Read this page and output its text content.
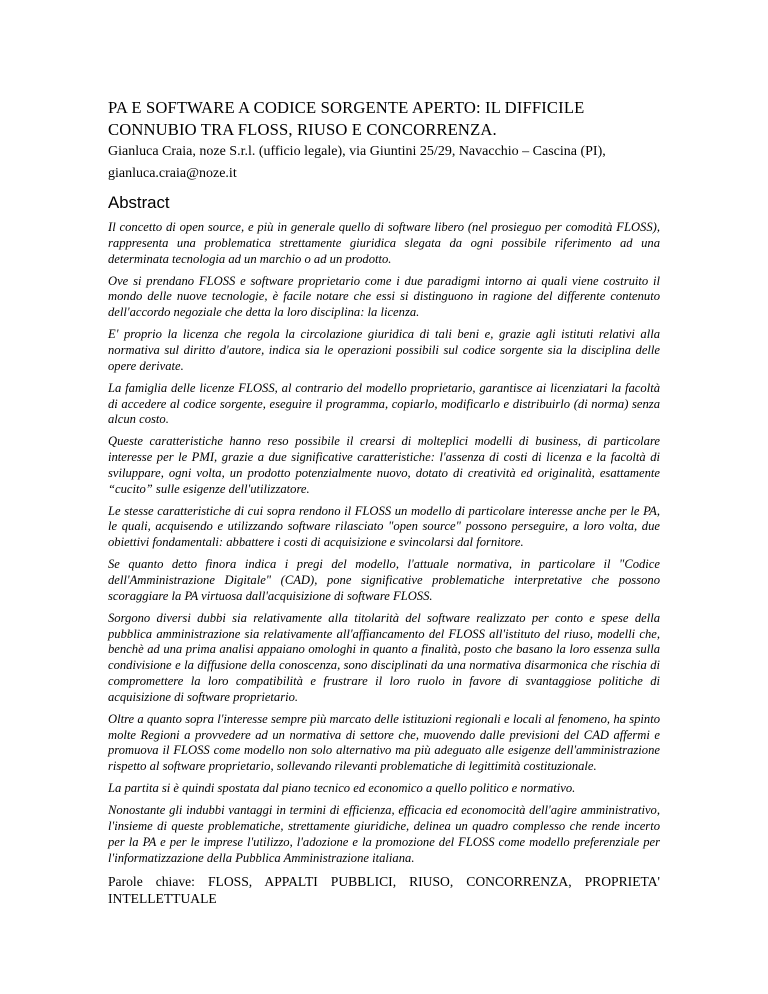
PA E SOFTWARE A CODICE SORGENTE APERTO: IL DIFFICILE CONNUBIO TRA FLOSS, RIUSO E CONCORRENZA.

Gianluca Craia, noze S.r.l. (ufficio legale), via Giuntini 25/29, Navacchio – Cascina (PI),

gianluca.craia@noze.it

Abstract

Il concetto di open source, e più in generale quello di software libero (nel prosieguo per comodità FLOSS), rappresenta una problematica strettamente giuridica slegata da ogni possibile riferimento ad una determinata tecnologia ad un marchio o ad un prodotto.

Ove si prendano FLOSS e software proprietario come i due paradigmi intorno ai quali viene costruito il mondo delle nuove tecnologie, è facile notare che essi si distinguono in ragione del differente contenuto dell'accordo negoziale che detta la loro disciplina: la licenza.

E' proprio la licenza che regola la circolazione giuridica di tali beni e, grazie agli istituti relativi alla normativa sul diritto d'autore, indica sia le operazioni possibili sul codice sorgente sia la disciplina delle opere derivate.

La famiglia delle licenze FLOSS, al contrario del modello proprietario, garantisce ai licenziatari la facoltà di accedere al codice sorgente, eseguire il programma, copiarlo, modificarlo e distribuirlo (di norma) senza alcun costo.

Queste caratteristiche hanno reso possibile il crearsi di molteplici modelli di business, di particolare interesse per le PMI, grazie a due significative caratteristiche: l'assenza di costi di licenza e la facoltà di sviluppare, ogni volta, un prodotto potenzialmente nuovo, dotato di creatività ed originalità, esattamente “cucito” sulle esigenze dell'utilizzatore.

Le stesse caratteristiche di cui sopra rendono il FLOSS un modello di particolare interesse anche per le PA, le quali, acquisendo e utilizzando software rilasciato "open source" possono perseguire, a loro volta, due obiettivi fondamentali: abbattere i costi di acquisizione e svincolarsi dal fornitore.

Se quanto detto finora indica i pregi del modello, l'attuale normativa, in particolare il "Codice dell'Amministrazione Digitale" (CAD), pone significative problematiche interpretative che possono scoraggiare la PA virtuosa dall'acquisizione di software FLOSS.

Sorgono diversi dubbi sia relativamente alla titolarità del software realizzato per conto e spese della pubblica amministrazione sia relativamente all'affiancamento del FLOSS all'istituto del riuso, modelli che, benchè ad una prima analisi appaiano omologhi in quanto a finalità, posto che basano la loro essenza sulla condivisione e la diffusione della conoscenza, sono disciplinati da una normativa disarmonica che rischia di compromettere la loro compatibilità e frustrare il loro ruolo in favore di svantaggiose politiche di acquisizione di software proprietario.

Oltre a quanto sopra l'interesse sempre più marcato delle istituzioni regionali e locali al fenomeno, ha spinto molte Regioni a provvedere ad un normativa di settore che, muovendo dalle previsioni del CAD affermi e promuova il FLOSS come modello non solo alternativo ma più adeguato alle esigenze dell'amministrazione rispetto al software proprietario, sollevando rilevanti problematiche di legittimità costituzionale.

La partita si è quindi spostata dal piano tecnico ed economico a quello politico e normativo.

Nonostante gli indubbi vantaggi in termini di efficienza, efficacia ed economocità dell'agire amministrativo, l'insieme di queste problematiche, strettamente giuridiche, delinea un quadro complesso che rende incerto per la PA e per le imprese l'utilizzo, l'adozione e la promozione del FLOSS come modello preferenziale per l'informatizzazione della Pubblica Amministrazione italiana.

Parole chiave: FLOSS, APPALTI PUBBLICI, RIUSO, CONCORRENZA, PROPRIETA' INTELLETTUALE
